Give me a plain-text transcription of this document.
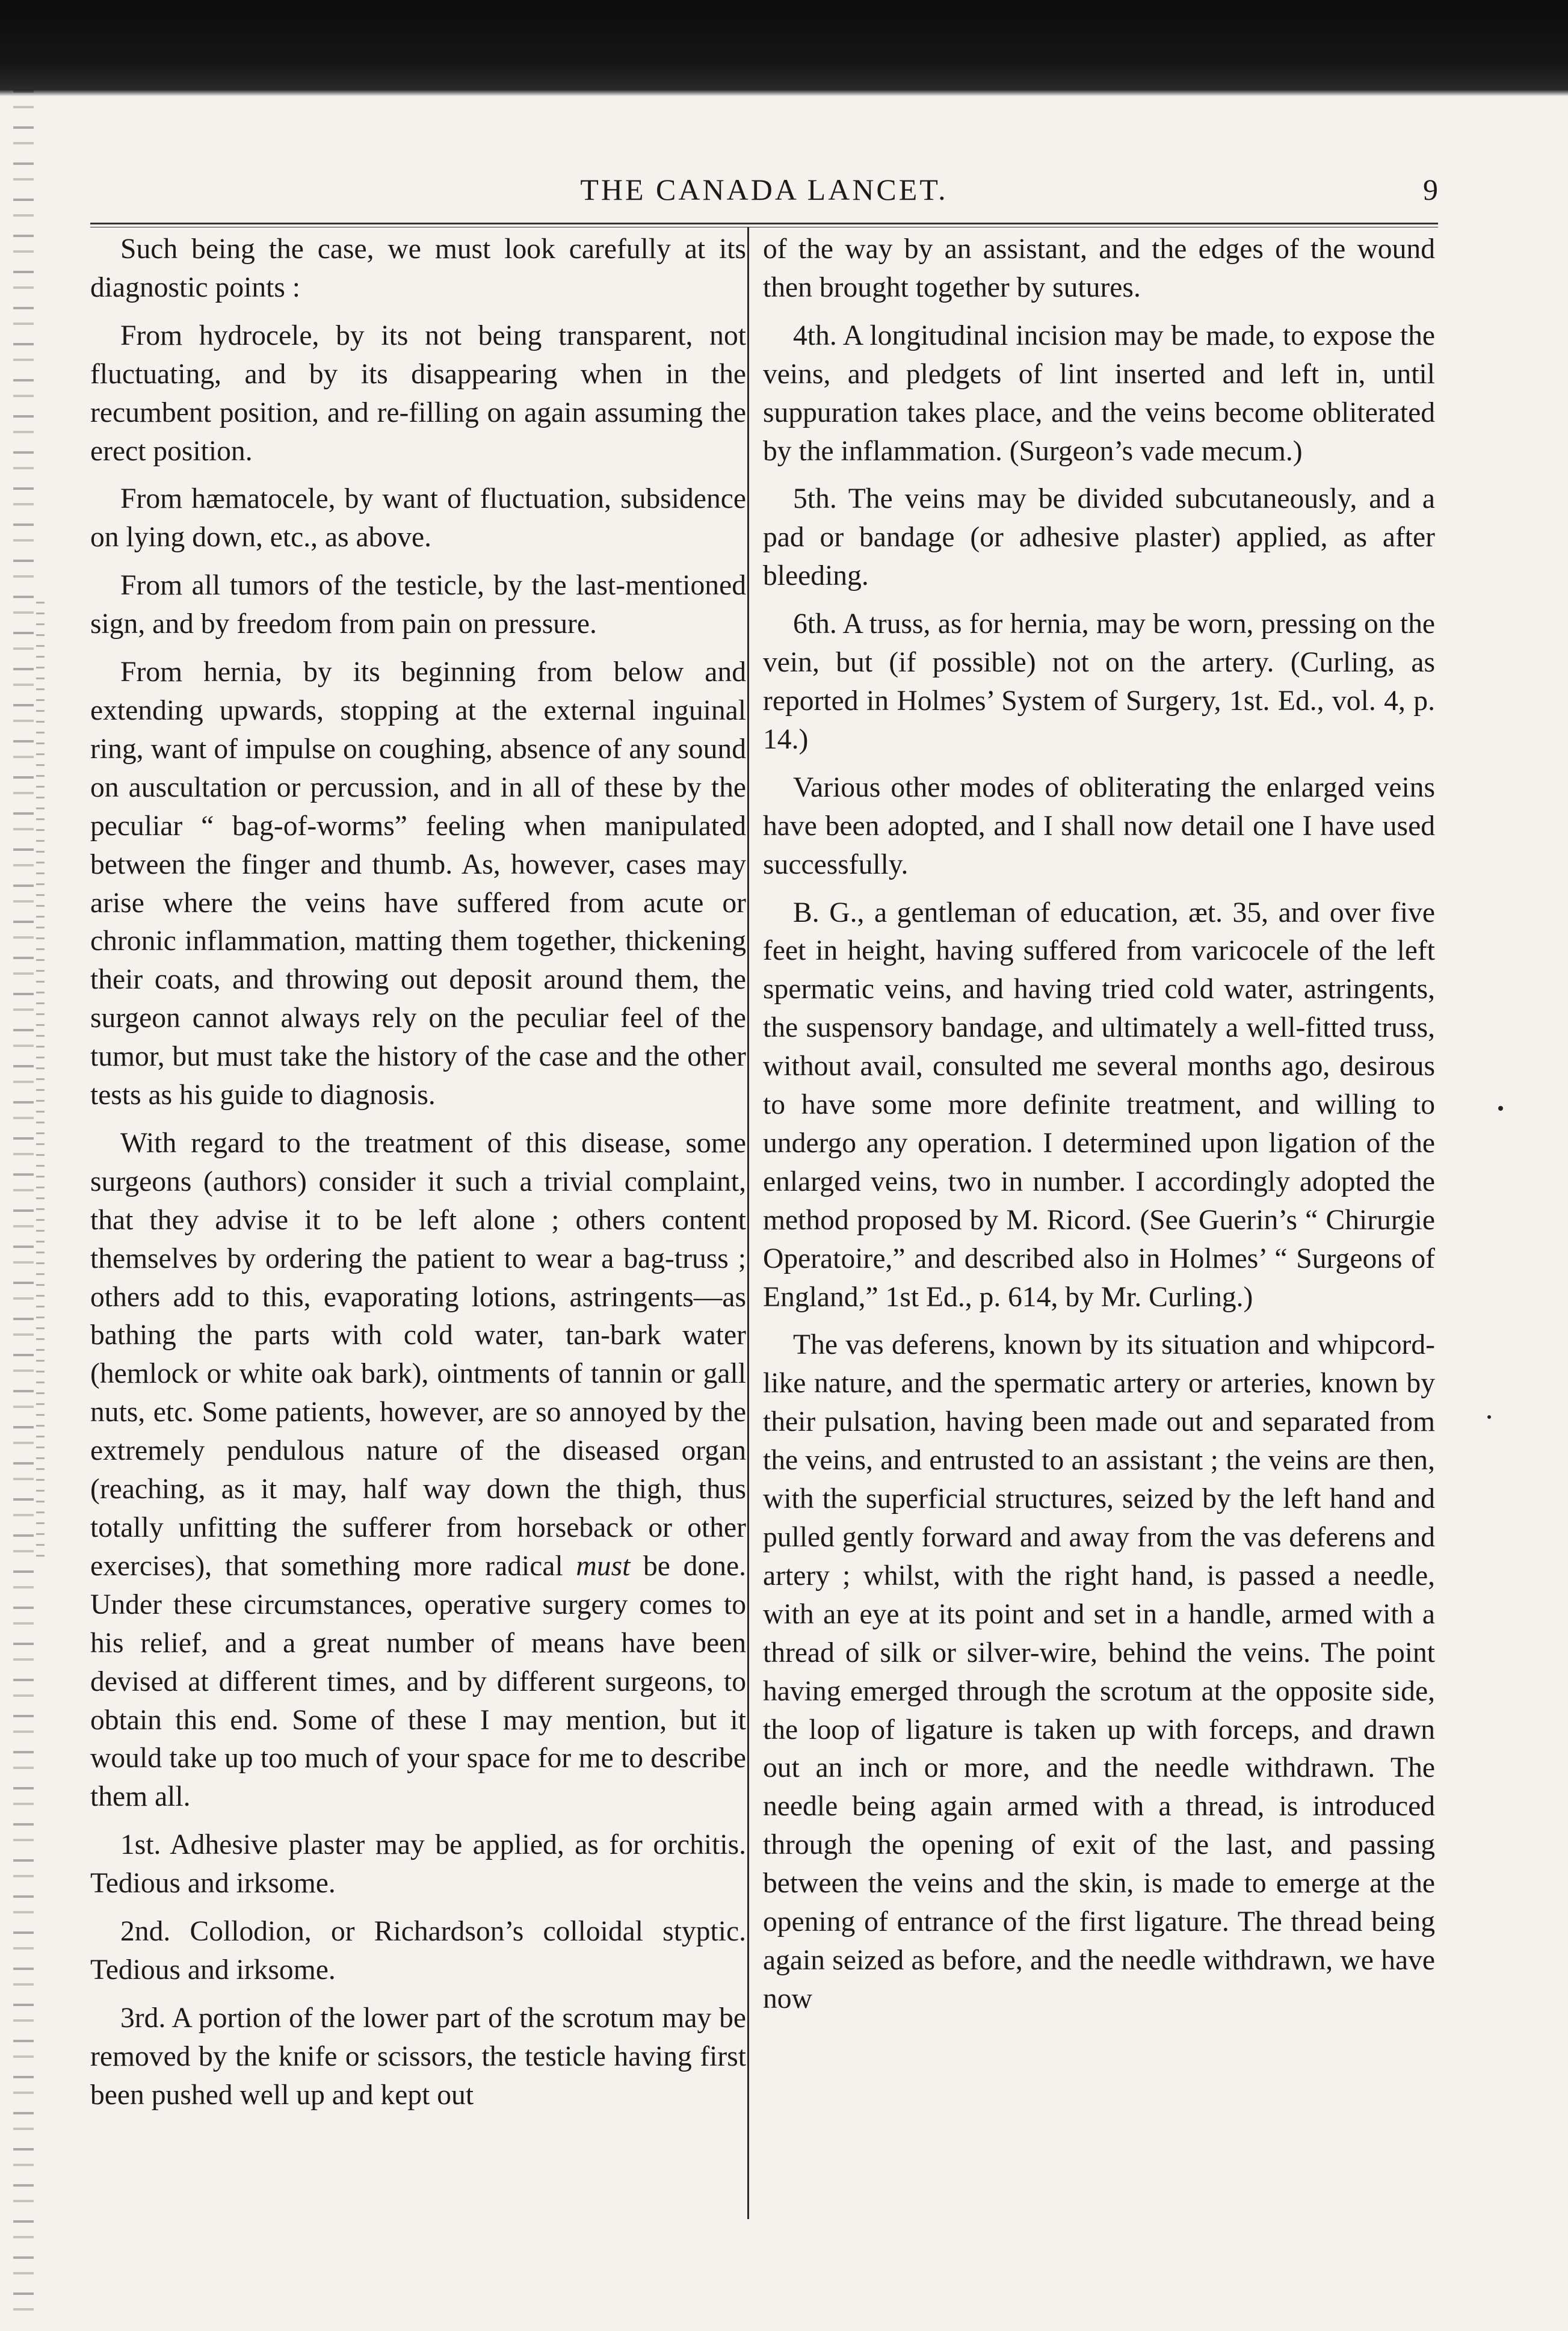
THE CANADA LANCET.	9

Such being the case, we must look carefully at its diagnostic points :

From hydrocele, by its not being transparent, not fluctuating, and by its disappearing when in the recumbent position, and re-filling on again assuming the erect position.

From hæmatocele, by want of fluctuation, subsidence on lying down, etc., as above.

From all tumors of the testicle, by the last-mentioned sign, and by freedom from pain on pressure.

From hernia, by its beginning from below and extending upwards, stopping at the external inguinal ring, want of impulse on coughing, absence of any sound on auscultation or percussion, and in all of these by the peculiar “ bag-of-worms” feeling when manipulated between the finger and thumb. As, however, cases may arise where the veins have suffered from acute or chronic inflammation, matting them together, thickening their coats, and throwing out deposit around them, the surgeon cannot always rely on the peculiar feel of the tumor, but must take the history of the case and the other tests as his guide to diagnosis.

With regard to the treatment of this disease, some surgeons (authors) consider it such a trivial complaint, that they advise it to be left alone ; others content themselves by ordering the patient to wear a bag-truss ; others add to this, evaporating lotions, astringents—as bathing the parts with cold water, tan-bark water (hemlock or white oak bark), ointments of tannin or gall nuts, etc. Some patients, however, are so annoyed by the extremely pendulous nature of the diseased organ (reaching, as it may, half way down the thigh, thus totally unfitting the sufferer from horseback or other exercises), that something more radical must be done. Under these circumstances, operative surgery comes to his relief, and a great number of means have been devised at different times, and by different surgeons, to obtain this end. Some of these I may mention, but it would take up too much of your space for me to describe them all.

1st. Adhesive plaster may be applied, as for orchitis. Tedious and irksome.

2nd. Collodion, or Richardson’s colloidal styptic. Tedious and irksome.

3rd. A portion of the lower part of the scrotum may be removed by the knife or scissors, the testicle having first been pushed well up and kept out

of the way by an assistant, and the edges of the wound then brought together by sutures.

4th. A longitudinal incision may be made, to expose the veins, and pledgets of lint inserted and left in, until suppuration takes place, and the veins become obliterated by the inflammation. (Surgeon’s vade mecum.)

5th. The veins may be divided subcutaneously, and a pad or bandage (or adhesive plaster) applied, as after bleeding.

6th. A truss, as for hernia, may be worn, pressing on the vein, but (if possible) not on the artery. (Curling, as reported in Holmes’ System of Surgery, 1st. Ed., vol. 4, p. 14.)

Various other modes of obliterating the enlarged veins have been adopted, and I shall now detail one I have used successfully.

B. G., a gentleman of education, æt. 35, and over five feet in height, having suffered from varicocele of the left spermatic veins, and having tried cold water, astringents, the suspensory bandage, and ultimately a well-fitted truss, without avail, consulted me several months ago, desirous to have some more definite treatment, and willing to undergo any operation. I determined upon ligation of the enlarged veins, two in number. I accordingly adopted the method proposed by M. Ricord. (See Guerin’s “ Chirurgie Operatoire,” and described also in Holmes’ “ Surgeons of England,” 1st Ed., p. 614, by Mr. Curling.)

The vas deferens, known by its situation and whipcord-like nature, and the spermatic artery or arteries, known by their pulsation, having been made out and separated from the veins, and entrusted to an assistant ; the veins are then, with the superficial structures, seized by the left hand and pulled gently forward and away from the vas deferens and artery ; whilst, with the right hand, is passed a needle, with an eye at its point and set in a handle, armed with a thread of silk or silver-wire, behind the veins. The point having emerged through the scrotum at the opposite side, the loop of ligature is taken up with forceps, and drawn out an inch or more, and the needle withdrawn. The needle being again armed with a thread, is introduced through the opening of exit of the last, and passing between the veins and the skin, is made to emerge at the opening of entrance of the first ligature. The thread being again seized as before, and the needle withdrawn, we have now
